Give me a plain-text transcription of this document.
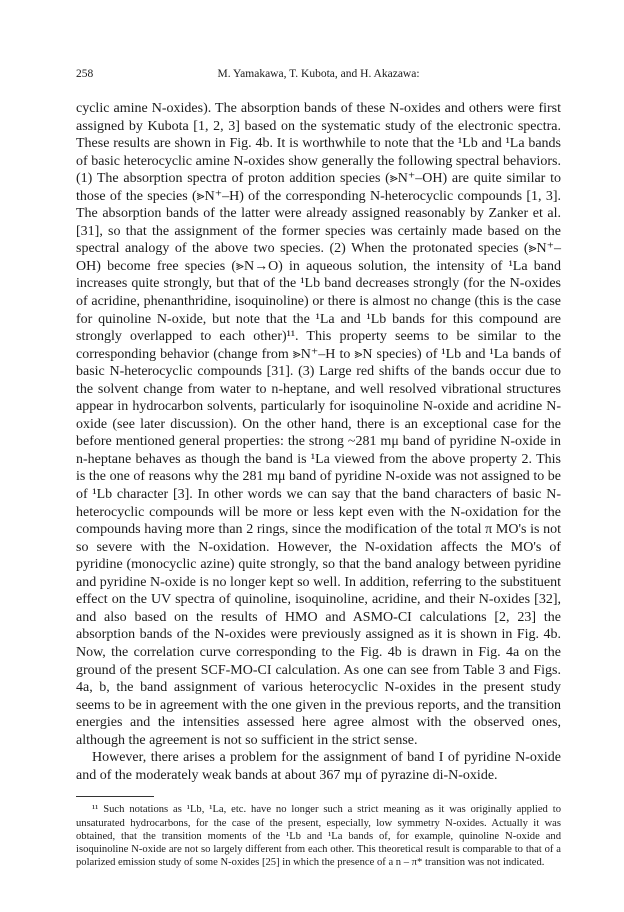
258	M. Yamakawa, T. Kubota, and H. Akazawa:

cyclic amine N-oxides). The absorption bands of these N-oxides and others were first assigned by Kubota [1, 2, 3] based on the systematic study of the electronic spectra. These results are shown in Fig. 4b. It is worthwhile to note that the ¹Lb and ¹La bands of basic heterocyclic amine N-oxides show generally the following spectral behaviors. (1) The absorption spectra of proton addition species (⪢N⁺–OH) are quite similar to those of the species (⪢N⁺–H) of the corresponding N-heterocyclic compounds [1, 3]. The absorption bands of the latter were already assigned reasonably by Zanker et al. [31], so that the assignment of the former species was certainly made based on the spectral analogy of the above two species. (2) When the protonated species (⪢N⁺–OH) become free species (⪢N→O) in aqueous solution, the intensity of ¹La band increases quite strongly, but that of the ¹Lb band decreases strongly (for the N-oxides of acridine, phenanthridine, isoquinoline) or there is almost no change (this is the case for quinoline N-oxide, but note that the ¹La and ¹Lb bands for this compound are strongly overlapped to each other)¹¹. This property seems to be similar to the corresponding behavior (change from ⪢N⁺–H to ⪢N species) of ¹Lb and ¹La bands of basic N-heterocyclic compounds [31]. (3) Large red shifts of the bands occur due to the solvent change from water to n-heptane, and well resolved vibrational structures appear in hydrocarbon solvents, particularly for isoquinoline N-oxide and acridine N-oxide (see later discussion). On the other hand, there is an exceptional case for the before mentioned general properties: the strong ~281 mμ band of pyridine N-oxide in n-heptane behaves as though the band is ¹La viewed from the above property 2. This is the one of reasons why the 281 mμ band of pyridine N-oxide was not assigned to be of ¹Lb character [3]. In other words we can say that the band characters of basic N-heterocyclic compounds will be more or less kept even with the N-oxidation for the compounds having more than 2 rings, since the modification of the total π MO's is not so severe with the N-oxidation. However, the N-oxidation affects the MO's of pyridine (monocyclic azine) quite strongly, so that the band analogy between pyridine and pyridine N-oxide is no longer kept so well. In addition, referring to the substituent effect on the UV spectra of quinoline, isoquinoline, acridine, and their N-oxides [32], and also based on the results of HMO and ASMO-CI calculations [2, 23] the absorption bands of the N-oxides were previously assigned as it is shown in Fig. 4b. Now, the correlation curve corresponding to the Fig. 4b is drawn in Fig. 4a on the ground of the present SCF-MO-CI calculation. As one can see from Table 3 and Figs. 4a, b, the band assignment of various heterocyclic N-oxides in the present study seems to be in agreement with the one given in the previous reports, and the transition energies and the intensities assessed here agree almost with the observed ones, although the agreement is not so sufficient in the strict sense.

However, there arises a problem for the assignment of band I of pyridine N-oxide and of the moderately weak bands at about 367 mμ of pyrazine di-N-oxide.

¹¹ Such notations as ¹Lb, ¹La, etc. have no longer such a strict meaning as it was originally applied to unsaturated hydrocarbons, for the case of the present, especially, low symmetry N-oxides. Actually it was obtained, that the transition moments of the ¹Lb and ¹La bands of, for example, quinoline N-oxide and isoquinoline N-oxide are not so largely different from each other. This theoretical result is comparable to that of a polarized emission study of some N-oxides [25] in which the presence of a n – π* transition was not indicated.
